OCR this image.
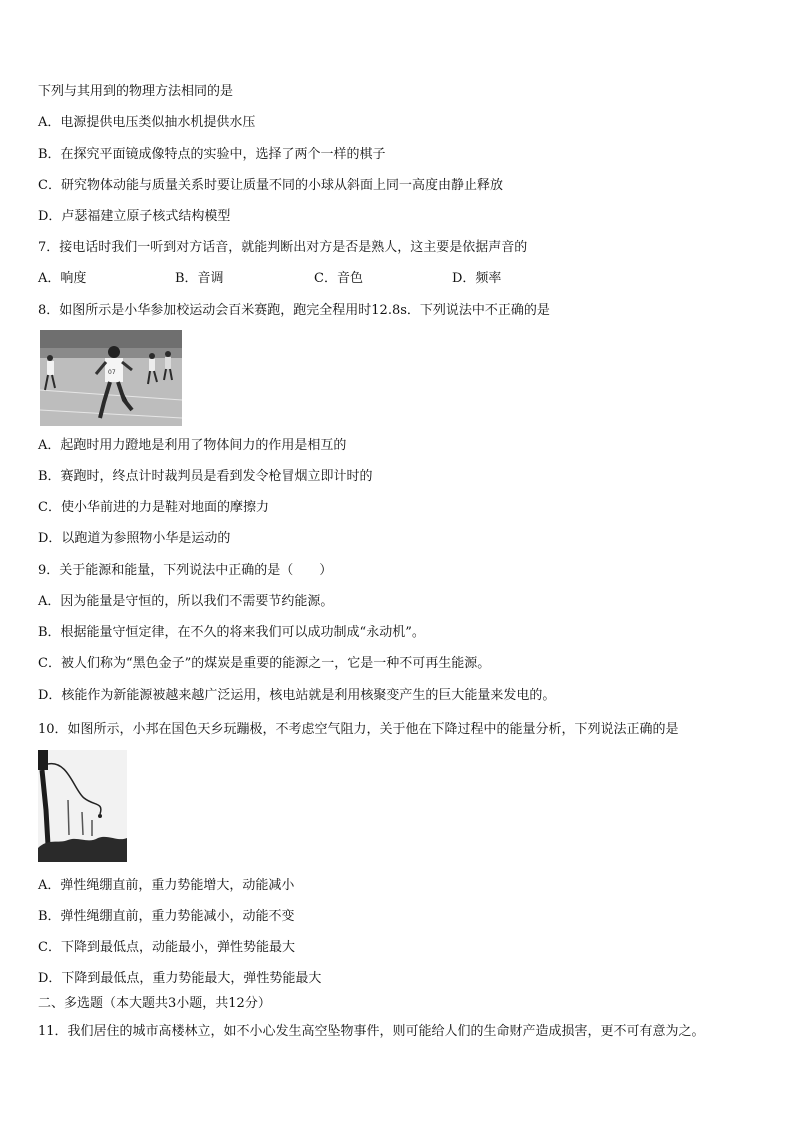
下列与其用到的物理方法相同的是
A．电源提供电压类似抽水机提供水压
B．在探究平面镜成像特点的实验中，选择了两个一样的棋子
C．研究物体动能与质量关系时要让质量不同的小球从斜面上同一高度由静止释放
D．卢瑟福建立原子核式结构模型
7．接电话时我们一听到对方话音，就能判断出对方是否是熟人，这主要是依据声音的
A．响度	B．音调	C．音色	D．频率
8．如图所示是小华参加校运动会百米赛跑，跑完全程用时12.8s．下列说法中不正确的是
07
A．起跑时用力蹬地是利用了物体间力的作用是相互的
B．赛跑时，终点计时裁判员是看到发令枪冒烟立即计时的
C．使小华前进的力是鞋对地面的摩擦力
D．以跑道为参照物小华是运动的
9．关于能源和能量，下列说法中正确的是（　　）
A．因为能量是守恒的，所以我们不需要节约能源。
B．根据能量守恒定律，在不久的将来我们可以成功制成“永动机”。
C．被人们称为“黑色金子”的煤炭是重要的能源之一，它是一种不可再生能源。
D．核能作为新能源被越来越广泛运用，核电站就是利用核聚变产生的巨大能量来发电的。
10．如图所示，小邦在国色天乡玩蹦极，不考虑空气阻力，关于他在下降过程中的能量分析，下列说法正确的是
A．弹性绳绷直前，重力势能增大，动能减小
B．弹性绳绷直前，重力势能减小，动能不变
C．下降到最低点，动能最小，弹性势能最大
D．下降到最低点，重力势能最大，弹性势能最大
二、多选题（本大题共3小题，共12分）
11．我们居住的城市高楼林立，如不小心发生高空坠物事件，则可能给人们的生命财产造成损害，更不可有意为之。
